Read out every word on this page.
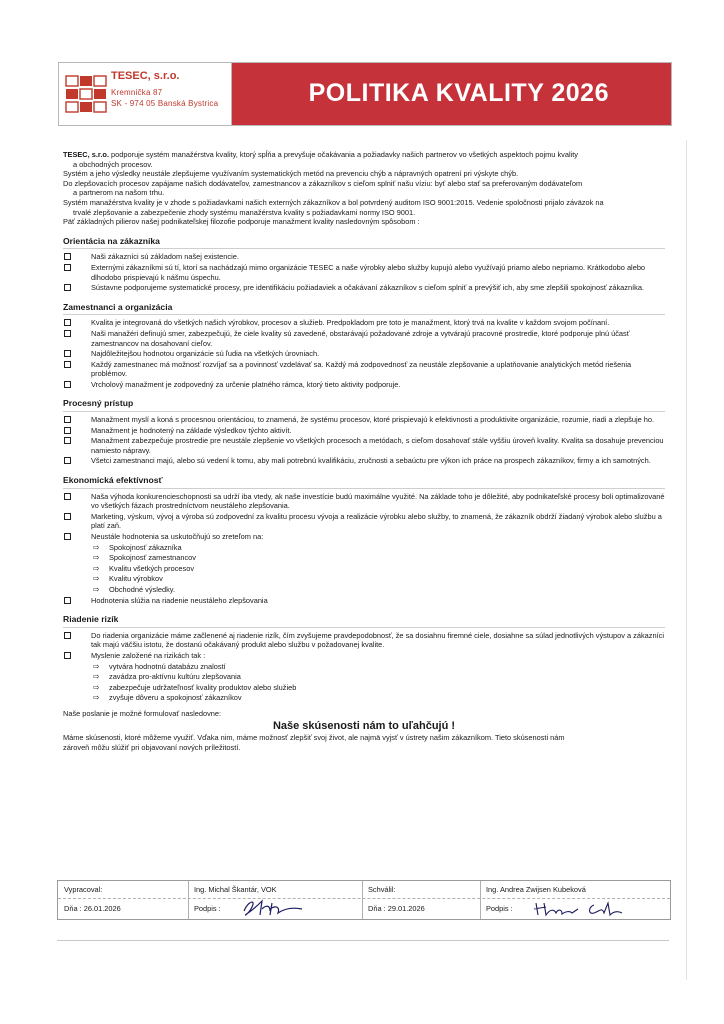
TESEC, s.r.o.
Kremnička 87
SK - 974 05 Banská Bystrica	POLITIKA KVALITY 2026

TESEC, s.r.o. podporuje systém manažérstva kvality, ktorý spĺňa a prevyšuje očakávania a požiadavky našich partnerov vo všetkých aspektoch pojmu kvality

a obchodných procesov.

Systém a jeho výsledky neustále zlepšujeme využívaním systematických metód na prevenciu chýb a nápravných opatrení pri výskyte chýb.

Do zlepšovacích procesov zapájame našich dodávateľov, zamestnancov a zákazníkov s cieľom splniť našu víziu: byť alebo stať sa preferovaným dodávateľom

a partnerom na našom trhu.

Systém manažérstva kvality je v zhode s požiadavkami našich externých zákazníkov a bol potvrdený auditom ISO 9001:2015. Vedenie spoločnosti prijalo záväzok na

trvalé zlepšovanie a zabezpečenie zhody systému manažérstva kvality s požiadavkami normy ISO 9001.

Päť základných pilierov našej podnikateľskej filozofie podporuje manažment kvality nasledovným spôsobom :

Orientácia na zákazníka
Naši zákazníci sú základom našej existencie.
Externými zákazníkmi sú tí, ktorí sa nachádzajú mimo organizácie TESEC a naše výrobky alebo služby kupujú alebo využívajú priamo alebo nepriamo. Krátkodobo alebo dlhodobo prispievajú k nášmu úspechu.
Sústavne podporujeme systematické procesy, pre identifikáciu požiadaviek a očakávaní zákazníkov s cieľom splniť a prevýšiť ich, aby sme zlepšili spokojnosť zákazníka.
Zamestnanci a organizácia
Kvalita je integrovaná do všetkých našich výrobkov, procesov a služieb. Predpokladom pre toto je manažment, ktorý trvá na kvalite v každom svojom počínaní.
Naši manažéri definujú smer, zabezpečujú, že ciele kvality sú zavedené, obstarávajú požadované zdroje a vytvárajú pracovné prostredie, ktoré podporuje plnú účasť zamestnancov na dosahovaní cieľov.
Najdôležitejšou hodnotou organizácie sú ľudia na všetkých úrovniach.
Každý zamestnanec má možnosť rozvíjať sa a povinnosť vzdelávať sa. Každý má zodpovednosť za neustále zlepšovanie a uplatňovanie analytických metód riešenia problémov.
Vrcholový manažment je zodpovedný za určenie platného rámca, ktorý tieto aktivity podporuje.
Procesný prístup
Manažment myslí a koná s procesnou orientáciou, to znamená, že systému procesov, ktoré prispievajú k efektivnosti a produktivite organizácie, rozumie, riadi a zlepšuje ho.
Manažment je hodnotený na základe výsledkov týchto aktivít.
Manažment zabezpečuje prostredie pre neustále zlepšenie vo všetkých procesoch a metódach, s cieľom dosahovať stále vyššiu úroveň kvality. Kvalita sa dosahuje prevenciou namiesto nápravy.
Všetci zamestnanci majú, alebo sú vedení k tomu, aby mali potrebnú kvalifikáciu, zručnosti a sebaúctu pre výkon ich práce na prospech zákazníkov, firmy a ich samotných.
Ekonomická efektívnosť
Naša výhoda konkurencieschopnosti sa udrží iba vtedy, ak naše investície budú maximálne využité. Na základe toho je dôležité, aby podnikateľské procesy boli optimalizované vo všetkých fázach prostredníctvom neustáleho zlepšovania.
Marketing, výskum, vývoj a výroba sú zodpovední za kvalitu procesu vývoja a realizácie výrobku alebo služby, to znamená, že zákazník obdrží žiadaný výrobok alebo službu a platí zaň.
Neustále hodnotenia sa uskutočňujú so zreteľom na:
⇨ Spokojnosť zákazníka
⇨ Spokojnosť zamestnancov
⇨ Kvalitu všetkých procesov
⇨ Kvalitu výrobkov
⇨ Obchodné výsledky.
Hodnotenia slúžia na riadenie neustáleho zlepšovania
Riadenie rizík
Do riadenia organizácie máme začlenené aj riadenie rizík, čím zvyšujeme pravdepodobnosť, že sa dosiahnu firemné ciele, dosiahne sa súlad jednotlivých výstupov a zákazníci tak majú väčšiu istotu, že dostanú očakávaný produkt alebo službu v požadovanej kvalite.
Myslenie založené na rizikách tak :
⇨ vytvára hodnotnú databázu znalostí
⇨ zavádza pro-aktívnu kultúru zlepšovania
⇨ zabezpečuje udržateľnosť kvality produktov alebo služieb
⇨ zvyšuje dôveru a spokojnosť zákazníkov
Naše poslanie je možné formulovať nasledovne:
Naše skúsenosti nám to uľahčujú !
Máme skúsenosti, ktoré môžeme využiť. Vďaka nim, máme možnosť zlepšiť svoj život, ale najmä vyjsť v ústrety našim zákazníkom. Tieto skúsenosti nám
zároveň môžu slúžiť pri objavovaní nových príležitostí.
Vypracoval:	Ing. Michal Škantár, VOK
Dňa : 26.01.2026	Podpis :
Schválil:	Ing. Andrea Zwijsen Kubeková
Dňa : 29.01.2026	Podpis :
